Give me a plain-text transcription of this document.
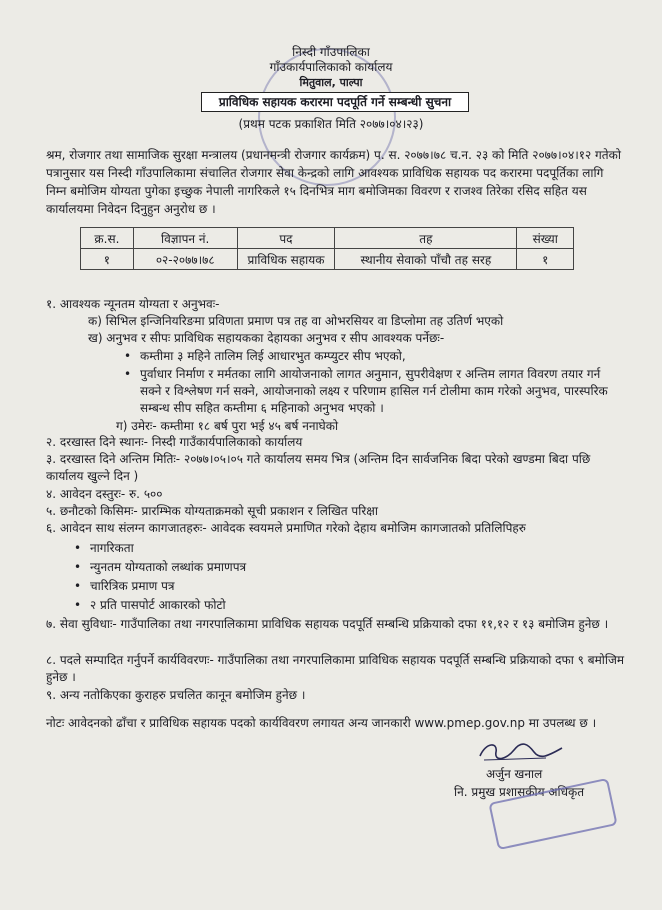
निस्दी गाँउपालिका
गाँउकार्यपालिकाको कार्यालय
मितुवाल, पाल्पा
प्राविधिक सहायक करारमा पदपूर्ति गर्ने सम्बन्धी सुचना
(प्रथम पटक प्रकाशित मिति २०७७।०४।२३)
श्रम, रोजगार तथा सामाजिक सुरक्षा मन्त्रालय (प्रधानमन्त्री रोजगार कार्यक्रम) प. स. २०७७।७८ च.न. २३ को मिति २०७७।०४।१२ गतेको पत्रानुसार यस निस्दी गाँउपालिकामा संचालित रोजगार सेवा केन्द्रको लागि आवश्यक प्राविधिक सहायक पद करारमा पदपूर्तिका लागि निम्न बमोजिम योग्यता पुगेका इच्छुक नेपाली नागरिकले १५ दिनभित्र माग बमोजिमका विवरण र राजश्व तिरेका रसिद सहित यस कार्यालयमा निवेदन दिनुहुन अनुरोध छ ।
क्र.स.	विज्ञापन नं.	पद	तह	संख्या
१	०२-२०७७।७८	प्राविधिक सहायक	स्थानीय सेवाको पाँचौ तह सरह	१
१. आवश्यक न्यूनतम योग्यता र अनुभवः-
क) सिभिल इन्जिनियरिङमा प्रविणता प्रमाण पत्र तह वा ओभरसियर वा डिप्लोमा तह उतिर्ण भएको
ख) अनुभव र सीपः प्राविधिक सहायकका देहायका अनुभव र सीप आवश्यक पर्नेछः-
• कम्तीमा ३ महिने तालिम लिई आधारभुत कम्प्युटर सीप भएको,
• पुर्वाधार निर्माण र मर्मतका लागि आयोजनाको लागत अनुमान, सुपरीवेक्षण र अन्तिम लागत विवरण तयार गर्न सक्ने र विश्लेषण गर्न सक्ने, आयोजनाको लक्ष्य र परिणाम हासिल गर्न टोलीमा काम गरेको अनुभव, पारस्परिक सम्बन्ध सीप सहित कम्तीमा ६ महिनाको अनुभव भएको ।
ग) उमेरः- कम्तीमा १८ बर्ष पुरा भई ४५ बर्ष ननाघेको
२. दरखास्त दिने स्थानः- निस्दी गाउँकार्यपालिकाको कार्यालय
३. दरखास्त दिने अन्तिम मितिः- २०७७।०५।०५ गते कार्यालय समय भित्र (अन्तिम दिन सार्वजनिक बिदा परेको खण्डमा बिदा पछि कार्यालय खुल्ने दिन )
४. आवेदन दस्तुरः- रु. ५००
५. छनौटको किसिमः- प्रारम्भिक योग्यताक्रमको सूची प्रकाशन र लिखित परिक्षा
६. आवेदन साथ संलग्न कागजातहरुः- आवेदक स्वयमले प्रमाणित गरेको देहाय बमोजिम कागजातको प्रतिलिपिहरु
• नागरिकता
• न्युनतम योग्यताको लब्धांक प्रमाणपत्र
• चारित्रिक प्रमाण पत्र
• २ प्रति पासपोर्ट आकारको फोटो
७. सेवा सुविधाः- गाउँपालिका तथा नगरपालिकामा प्राविधिक सहायक पदपूर्ति सम्बन्धि प्रक्रियाको दफा ११,१२ र १३ बमोजिम हुनेछ ।
८. पदले सम्पादित गर्नुपर्ने कार्यविवरणः- गाउँपालिका तथा नगरपालिकामा प्राविधिक सहायक पदपूर्ति सम्बन्धि प्रक्रियाको दफा ९ बमोजिम हुनेछ ।
९. अन्य नतोकिएका कुराहरु प्रचलित कानून बमोजिम हुनेछ ।
नोटः आवेदनको ढाँचा र प्राविधिक सहायक पदको कार्यविवरण लगायत अन्य जानकारी www.pmep.gov.np मा उपलब्ध छ ।
अर्जुन खनाल
नि. प्रमुख प्रशासकीय अधिकृत
